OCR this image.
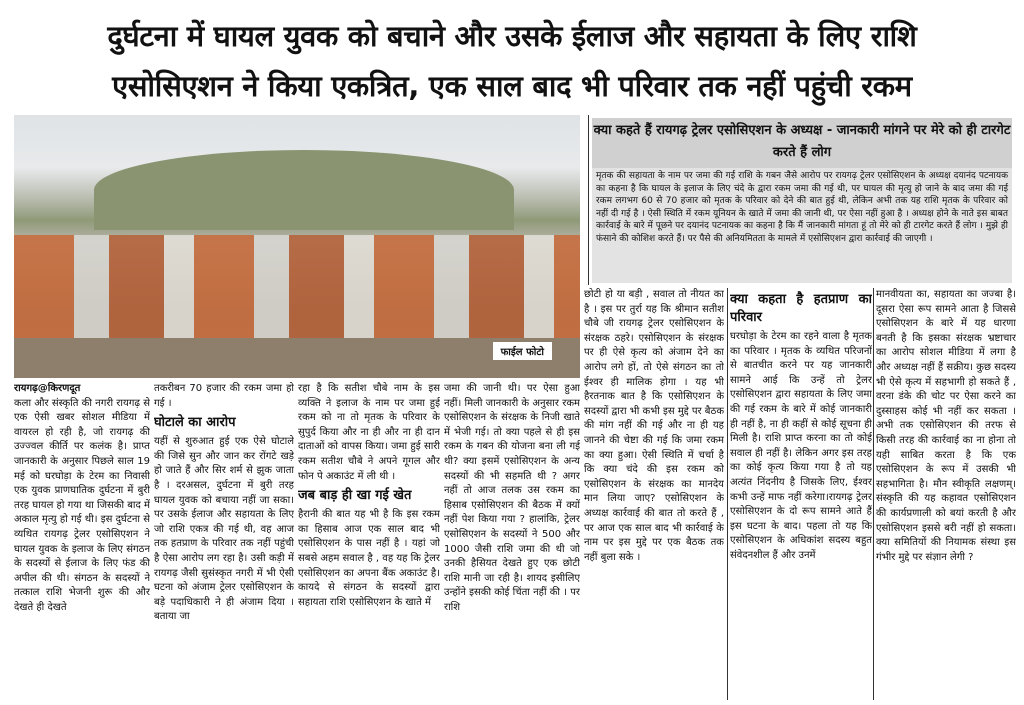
दुर्घटना में घायल युवक को बचाने और उसके ईलाज और सहायता के लिए राशि
एसोसिएशन ने किया एकत्रित, एक साल बाद भी परिवार तक नहीं पहुंची रकम
फाईल फोटो
क्या कहते हैं रायगढ़ ट्रेलर एसोसिएशन के अध्यक्ष - जानकारी मांगने पर मेरे को ही टारगेट करते हैं लोग
मृतक की सहायता के नाम पर जमा की गई राशि के गबन जैसे आरोप पर रायगढ़ ट्रेलर एसोसिएशन के अध्यक्ष दयानंद पटनायक का कहना है कि घायल के इलाज के लिए चंदे के द्वारा रकम जमा की गई थी, पर घायल की मृत्यु हो जाने के बाद जमा की गई रकम लगभग 60 से 70 हजार को मृतक के परिवार को देने की बात हुई थी, लेकिन अभी तक यह राशि मृतक के परिवार को नहीं दी गई है । ऐसी स्थिति में रकम यूनियन के खाते में जमा की जानी थी, पर ऐसा नहीं हुआ है । अध्यक्ष होने के नाते इस बाबत कार्रवाई के बारे में पूछने पर दयानंद पटनायक का कहना है कि मैं जानकारी मांगता हूं तो मेरे को ही टारगेट करते हैं लोग । मुझे ही फंसाने की कोशिश करते हैं। पर पैसे की अनियमितता के मामले में एसोसिएशन द्वारा कार्रवाई की जाएगी ।
रायगढ़@किरणदूत
कला और संस्कृति की नगरी रायगढ़ से एक ऐसी खबर सोशल मीडिया में वायरल हो रही है, जो रायगढ़ की उज्ज्वल कीर्ति पर कलंक है। प्राप्त जानकारी के अनुसार पिछले साल 19 मई को घरघोड़ा के टेरम का निवासी एक युवक प्राणघातिक दुर्घटना में बुरी तरह घायल हो गया था जिसकी बाद में अकाल मृत्यु हो गई थी। इस दुर्घटना से व्यथित रायगढ़ ट्रेलर एसोसिएशन ने घायल युवक के इलाज के लिए संगठन के सदस्यों से ईलाज के लिए फंड की अपील की थी। संगठन के सदस्यों ने तत्काल राशि भेजनी शुरू की और देखते ही देखते
तकरीबन 70 हजार की रकम जमा हो गई ।
घोटाले का आरोप
यहीं से शुरुआत हुई एक ऐसे घोटाले की जिसे सुन और जान कर रोंगटे खड़े हो जाते हैं और सिर शर्म से झुक जाता है । दरअसल, दुर्घटना में बुरी तरह घायल युवक को बचाया नहीं जा सका। पर उसके ईलाज और सहायता के लिए जो राशि एकत्र की गई थी, वह आज तक हतप्राण के परिवार तक नहीं पहुंची है ऐसा आरोप लग रहा है। उसी कड़ी में रायगढ़ जैसी सुसंस्कृत नगरी में भी ऐसी घटना को अंजाम ट्रेलर एसोसिएशन के बड़े पदाधिकारी ने ही अंजाम दिया । बताया जा
रहा है कि सतीश चौबे नाम के इस व्यक्ति ने इलाज के नाम पर जमा हुई रकम को ना तो मृतक के परिवार के सुपुर्द किया और ना ही और ना ही दान दाताओं को वापस किया। जमा हुई सारी रकम सतीश चौबे ने अपने गूगल और फोन पे अकाउंट में ली थी ।
जब बाड़ ही खा गई खेत
हैरानी की बात यह भी है कि इस रकम का हिसाब आज एक साल बाद भी एसोसिएशन के पास नहीं है । यहां जो सबसे अहम सवाल है , वह यह कि ट्रेलर एसोसिएशन का अपना बैंक अकाउंट है। कायदे से संगठन के सदस्यों द्वारा सहायता राशि एसोसिएशन के खाते में
जमा की जानी थी। पर ऐसा हुआ नहीं। मिली जानकारी के अनुसार रकम एसोसिएशन के संरक्षक के निजी खाते में भेजी गई। तो क्या पहले से ही इस रकम के गबन की योजना बना ली गई थी? क्या इसमें एसोसिएशन के अन्य सदस्यों की भी सहमति थी ? अगर नहीं तो आज तलक उस रकम का हिसाब एसोसिएशन की बैठक में क्यों नहीं पेश किया गया ? हालांकि, ट्रेलर एसोसिएशन के सदस्यों ने 500 और 1000 जैसी राशि जमा की थी जो उनकी हैसियत देखते हुए एक छोटी राशि मानी जा रही है। शायद इसीलिए उन्होंने इसकी कोई चिंता नहीं की । पर राशि
छोटी हो या बड़ी , सवाल तो नीयत का है । इस पर तुर्रा यह कि श्रीमान सतीश चौबे जी रायगढ़ ट्रेलर एसोसिएशन के संरक्षक ठहरे। एसोसिएशन के संरक्षक पर ही ऐसे कृत्य को अंजाम देने का आरोप लगे हों, तो ऐसे संगठन का तो ईश्वर ही मालिक होगा । यह भी हैरतनाक बात है कि एसोसिएशन के सदस्यों द्वारा भी कभी इस मुद्दे पर बैठक की मांग नहीं की गई और ना ही यह जानने की चेष्टा की गई कि जमा रकम का क्या हुआ। ऐसी स्थिति में चर्चा है कि क्या चंदे की इस रकम को एसोसिएशन के संरक्षक का मानदेय मान लिया जाए? एसोसिएशन के अध्यक्ष कार्रवाई की बात तो करते हैं , पर आज एक साल बाद भी कार्रवाई के नाम पर इस मुद्दे पर एक बैठक तक नहीं बुला सके ।
क्या कहता है हतप्राण का परिवार
घरघोड़ा के टेरम का रहने वाला है मृतक का परिवार । मृतक के व्यथित परिजनों से बातचीत करने पर यह जानकारी सामने आई कि उन्हें तो ट्रेलर एसोसिएशन द्वारा सहायता के लिए जमा की गई रकम के बारे में कोई जानकारी ही नहीं है, ना ही कहीं से कोई सूचना ही मिली है। राशि प्राप्त करना का तो कोई सवाल ही नहीं है। लेकिन अगर इस तरह का कोई कृत्य किया गया है तो यह अत्यंत निंदनीय है जिसके लिए, ईश्वर कभी उन्हें माफ नहीं करेगा।रायगढ़ ट्रेलर एसोसिएशन के दो रूप सामने आते हैं इस घटना के बाद। पहला तो यह कि एसोसिएशन के अधिकांश सदस्य बहुत संवेदनशील हैं और उनमें
मानवीयता का, सहायता का जज्बा है। दूसरा ऐसा रूप सामने आता है जिससे एसोसिएशन के बारे में यह धारणा बनती है कि इसका संरक्षक भ्रष्टाचार का आरोप सोशल मीडिया में लगा है और अध्यक्ष नहीं हैं सक्रीय। कुछ सदस्य भी ऐसे कृत्य में सहभागी हो सकते हैं , वरना डंके की चोट पर ऐसा करने का दुस्साहस कोई भी नहीं कर सकता । अभी तक एसोसिएशन की तरफ से किसी तरह की कार्रवाई का ना होना तो यही साबित करता है कि एक एसोसिएशन के रूप में उसकी भी सहभागिता है। मौन स्वीकृति लक्षणम्। संस्कृति की यह कहावत एसोसिएशन की कार्यप्रणाली को बयां करती है और एसोसिएशन इससे बरी नहीं हो सकता। क्या समितियों की नियामक संस्था इस गंभीर मुद्दे पर संज्ञान लेगी ?
